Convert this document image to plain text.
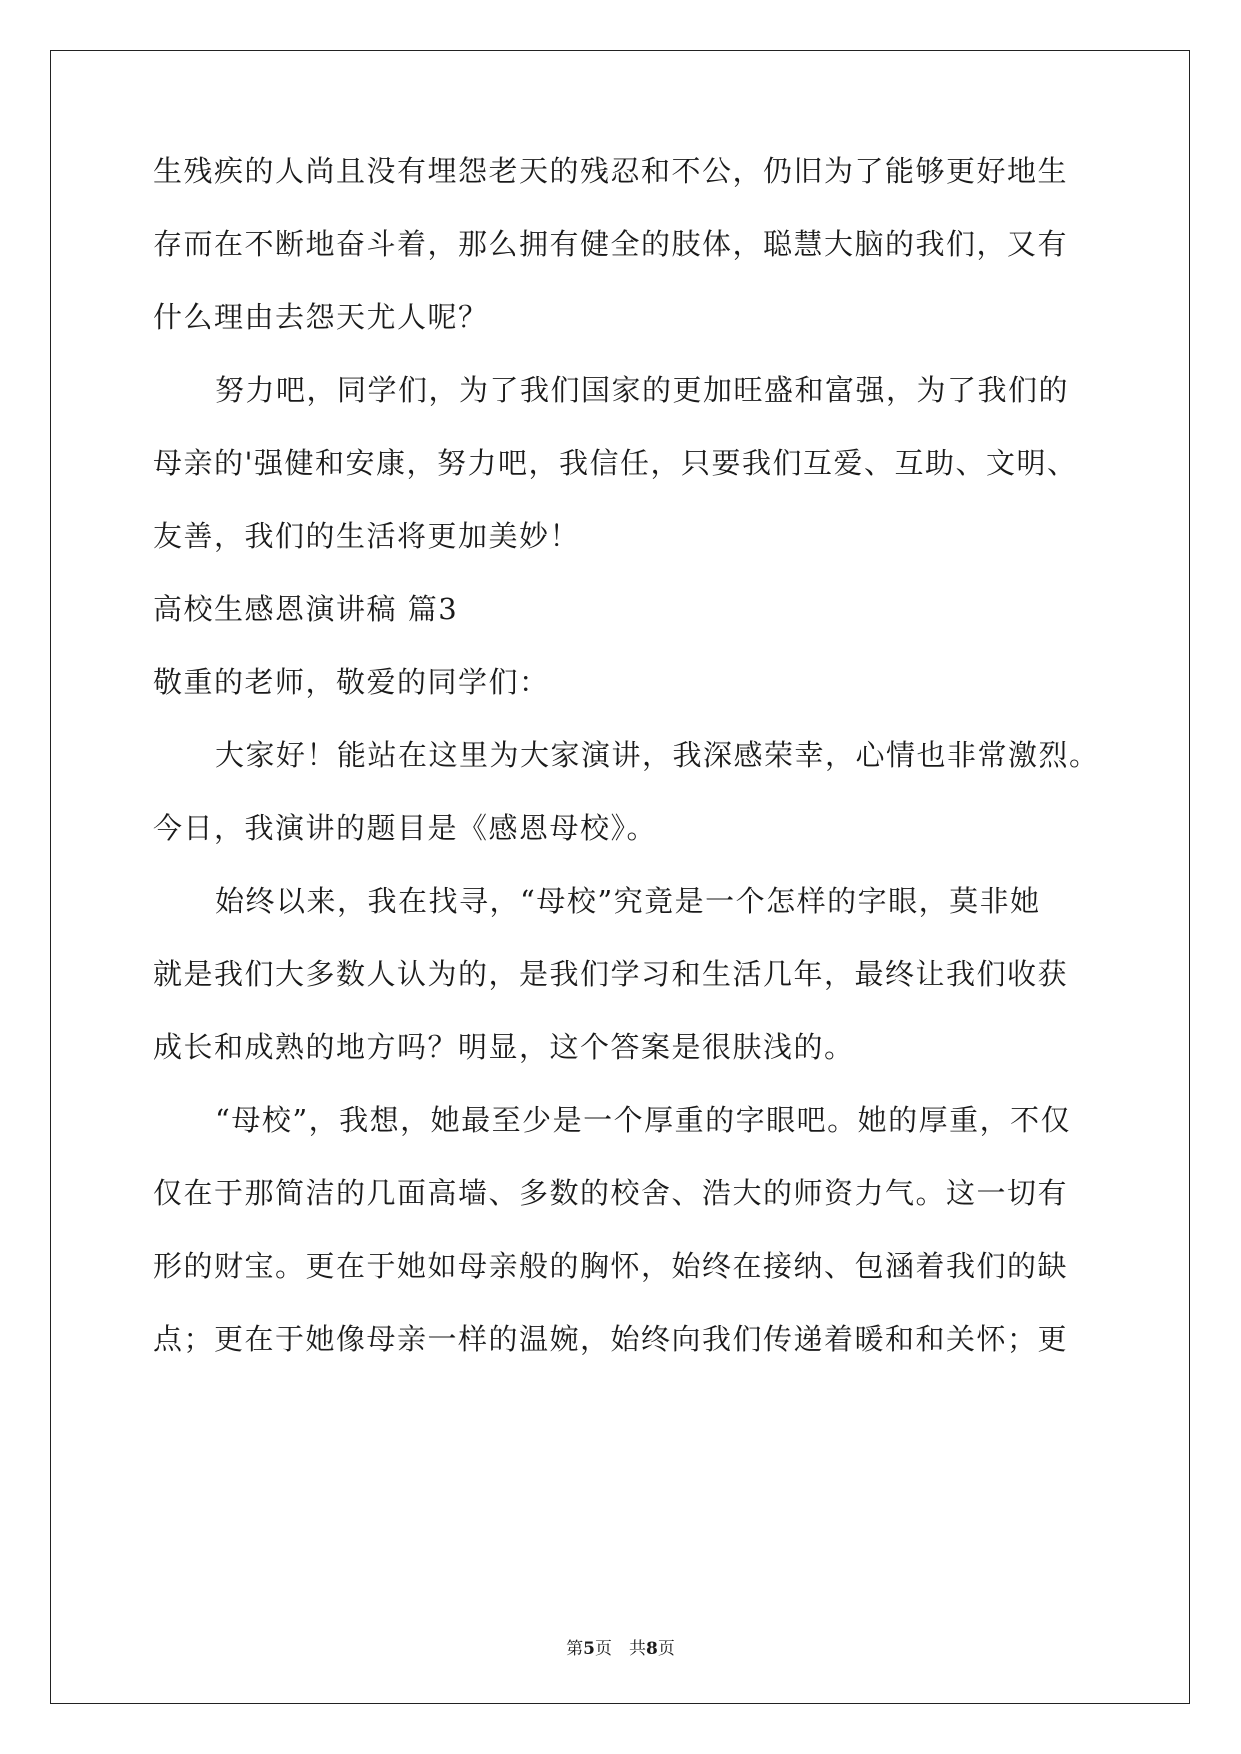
生残疾的人尚且没有埋怨老天的残忍和不公，仍旧为了能够更好地生
存而在不断地奋斗着，那么拥有健全的肢体，聪慧大脑的我们，又有
什么理由去怨天尤人呢？
努力吧，同学们，为了我们国家的更加旺盛和富强，为了我们的
母亲的'强健和安康，努力吧，我信任，只要我们互爱、互助、文明、
友善，我们的生活将更加美妙！
高校生感恩演讲稿 篇3
敬重的老师，敬爱的同学们：
大家好！能站在这里为大家演讲，我深感荣幸，心情也非常激烈。
今日，我演讲的题目是《感恩母校》。
始终以来，我在找寻，“母校”究竟是一个怎样的字眼，莫非她
就是我们大多数人认为的，是我们学习和生活几年，最终让我们收获
成长和成熟的地方吗？明显，这个答案是很肤浅的。
“母校”，我想，她最至少是一个厚重的字眼吧。她的厚重，不仅
仅在于那简洁的几面高墙、多数的校舍、浩大的师资力气。这一切有
形的财宝。更在于她如母亲般的胸怀，始终在接纳、包涵着我们的缺
点；更在于她像母亲一样的温婉，始终向我们传递着暖和和关怀；更
第5页　共8页
